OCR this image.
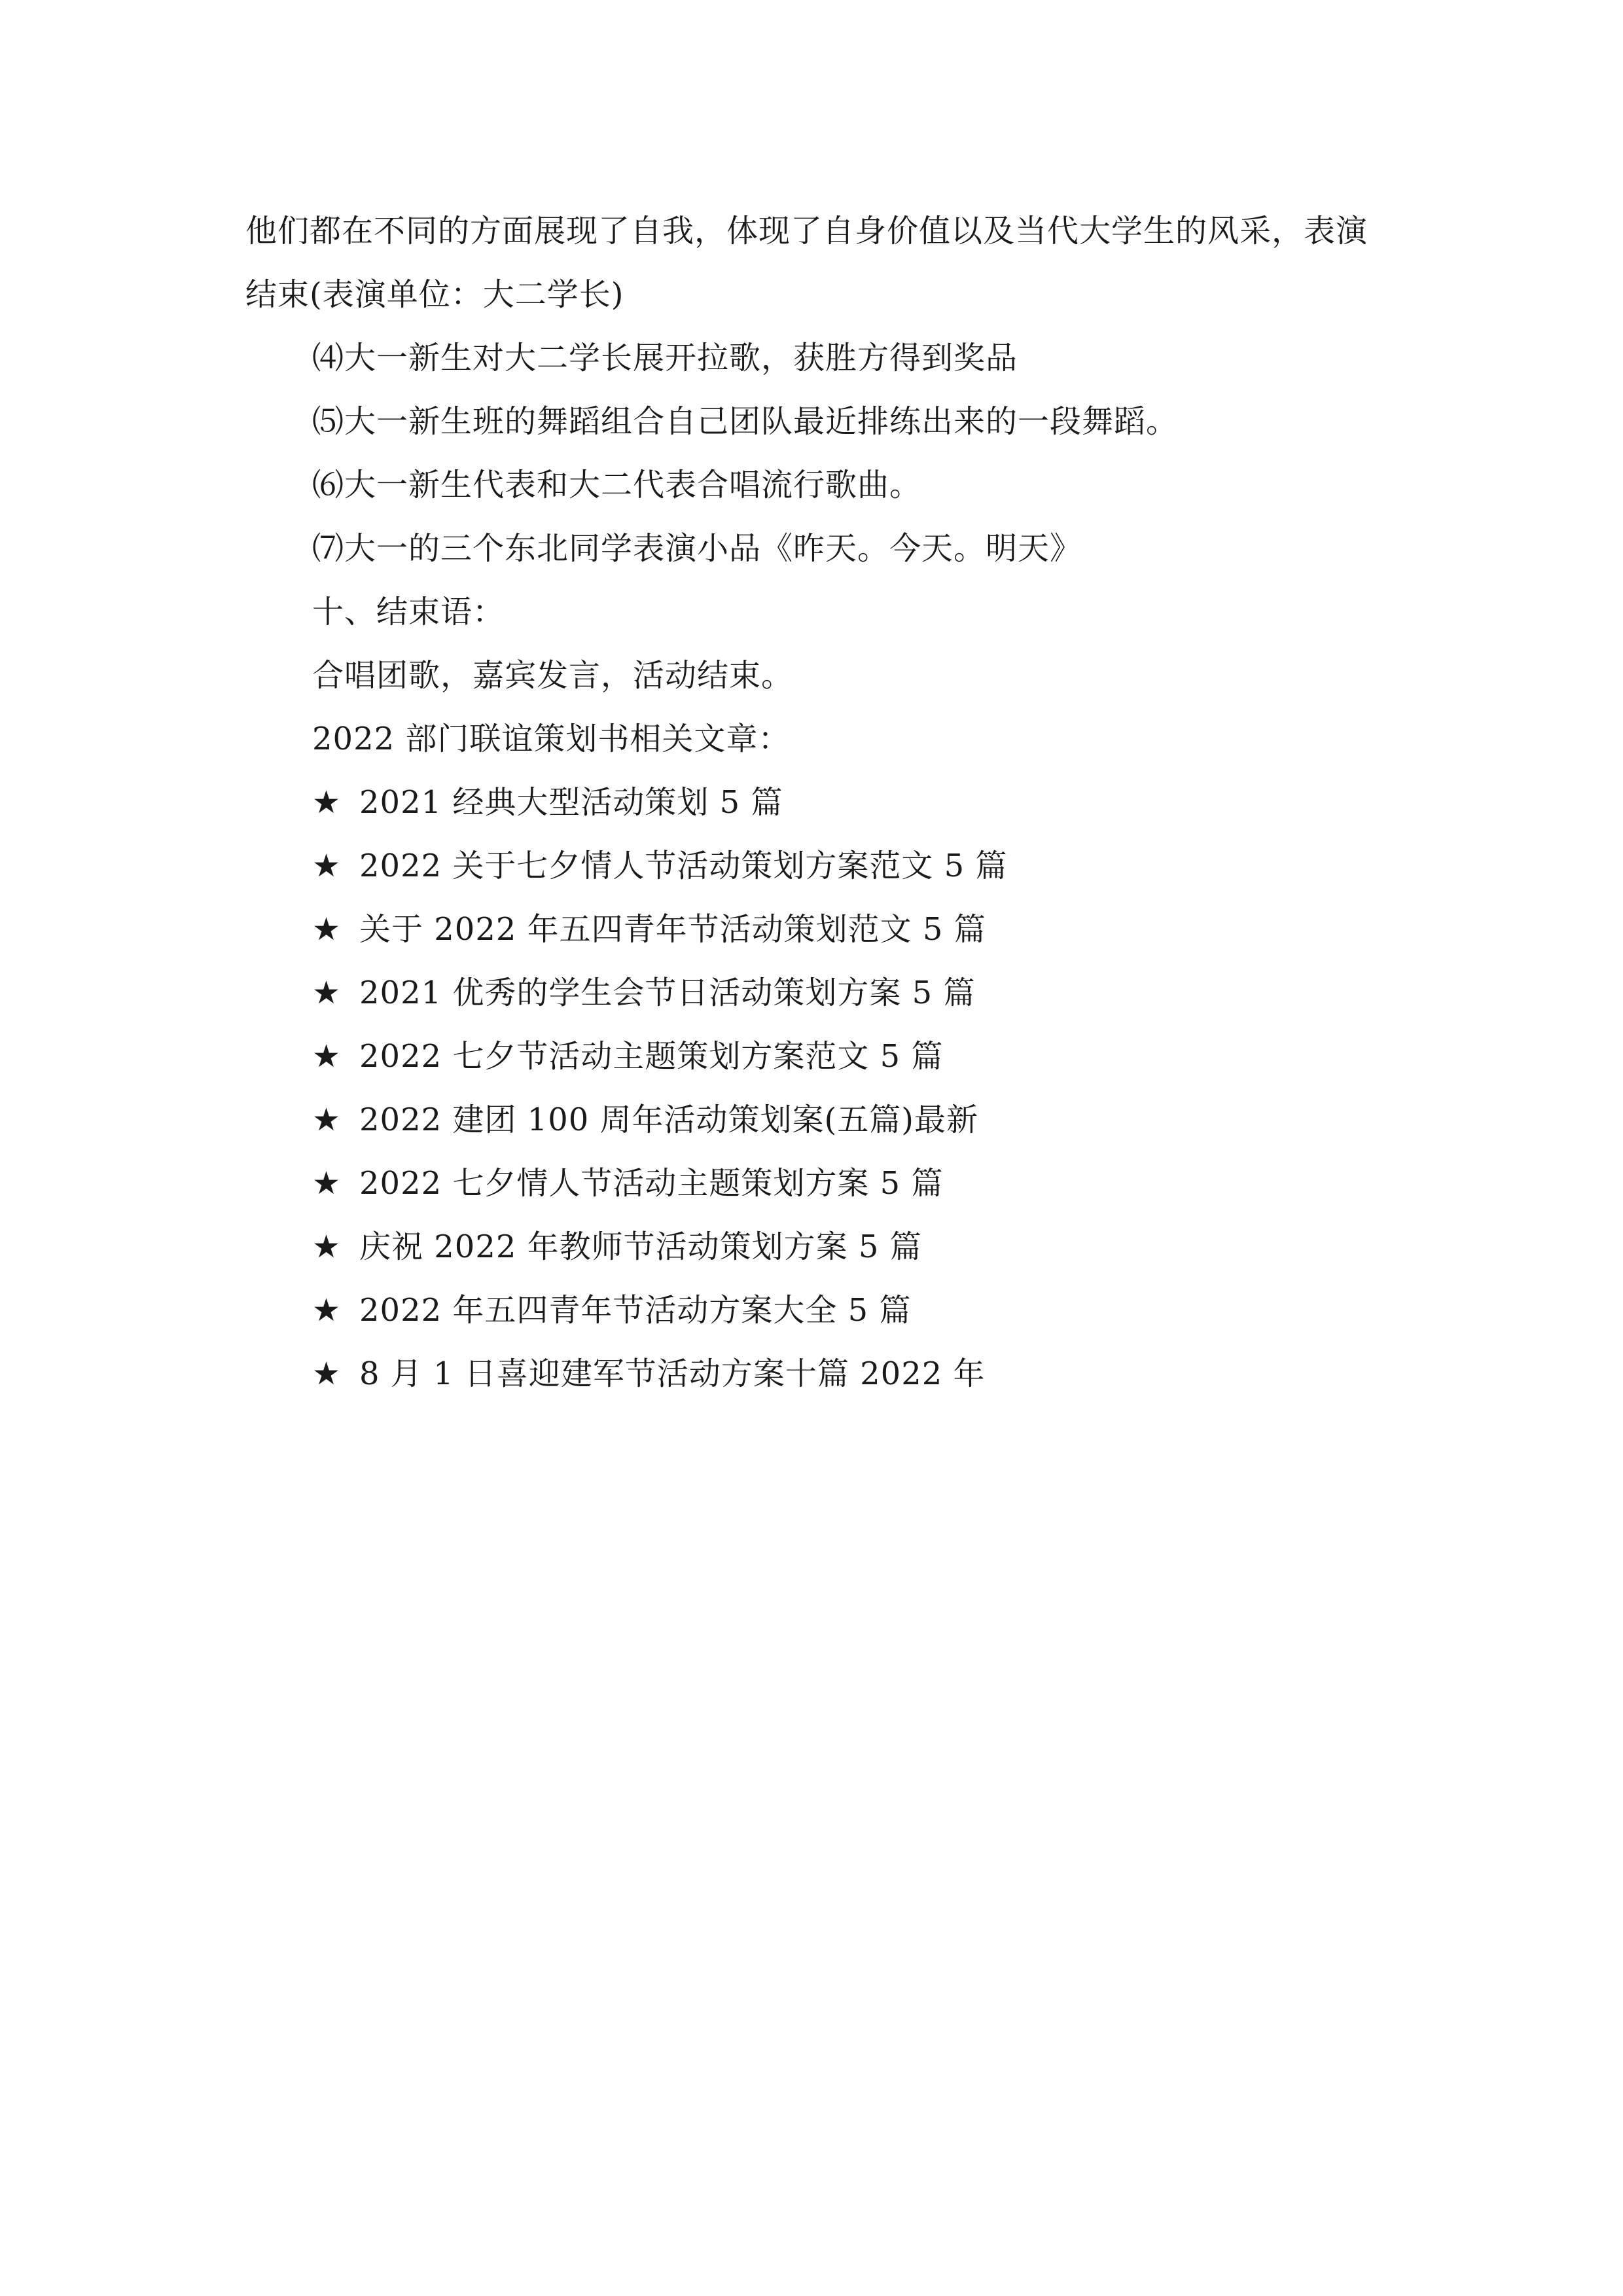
他们都在不同的方面展现了自我，体现了自身价值以及当代大学生的风采，表演
结束(表演单位：大二学长)

⑷大一新生对大二学长展开拉歌，获胜方得到奖品

⑸大一新生班的舞蹈组合自己团队最近排练出来的一段舞蹈。

⑹大一新生代表和大二代表合唱流行歌曲。

⑺大一的三个东北同学表演小品《昨天。今天。明天》

十、结束语：

合唱团歌，嘉宾发言，活动结束。

2022 部门联谊策划书相关文章：

★ 2021 经典大型活动策划 5 篇

★ 2022 关于七夕情人节活动策划方案范文 5 篇

★ 关于 2022 年五四青年节活动策划范文 5 篇

★ 2021 优秀的学生会节日活动策划方案 5 篇

★ 2022 七夕节活动主题策划方案范文 5 篇

★ 2022 建团 100 周年活动策划案(五篇)最新

★ 2022 七夕情人节活动主题策划方案 5 篇

★ 庆祝 2022 年教师节活动策划方案 5 篇

★ 2022 年五四青年节活动方案大全 5 篇

★ 8 月 1 日喜迎建军节活动方案十篇 2022 年
